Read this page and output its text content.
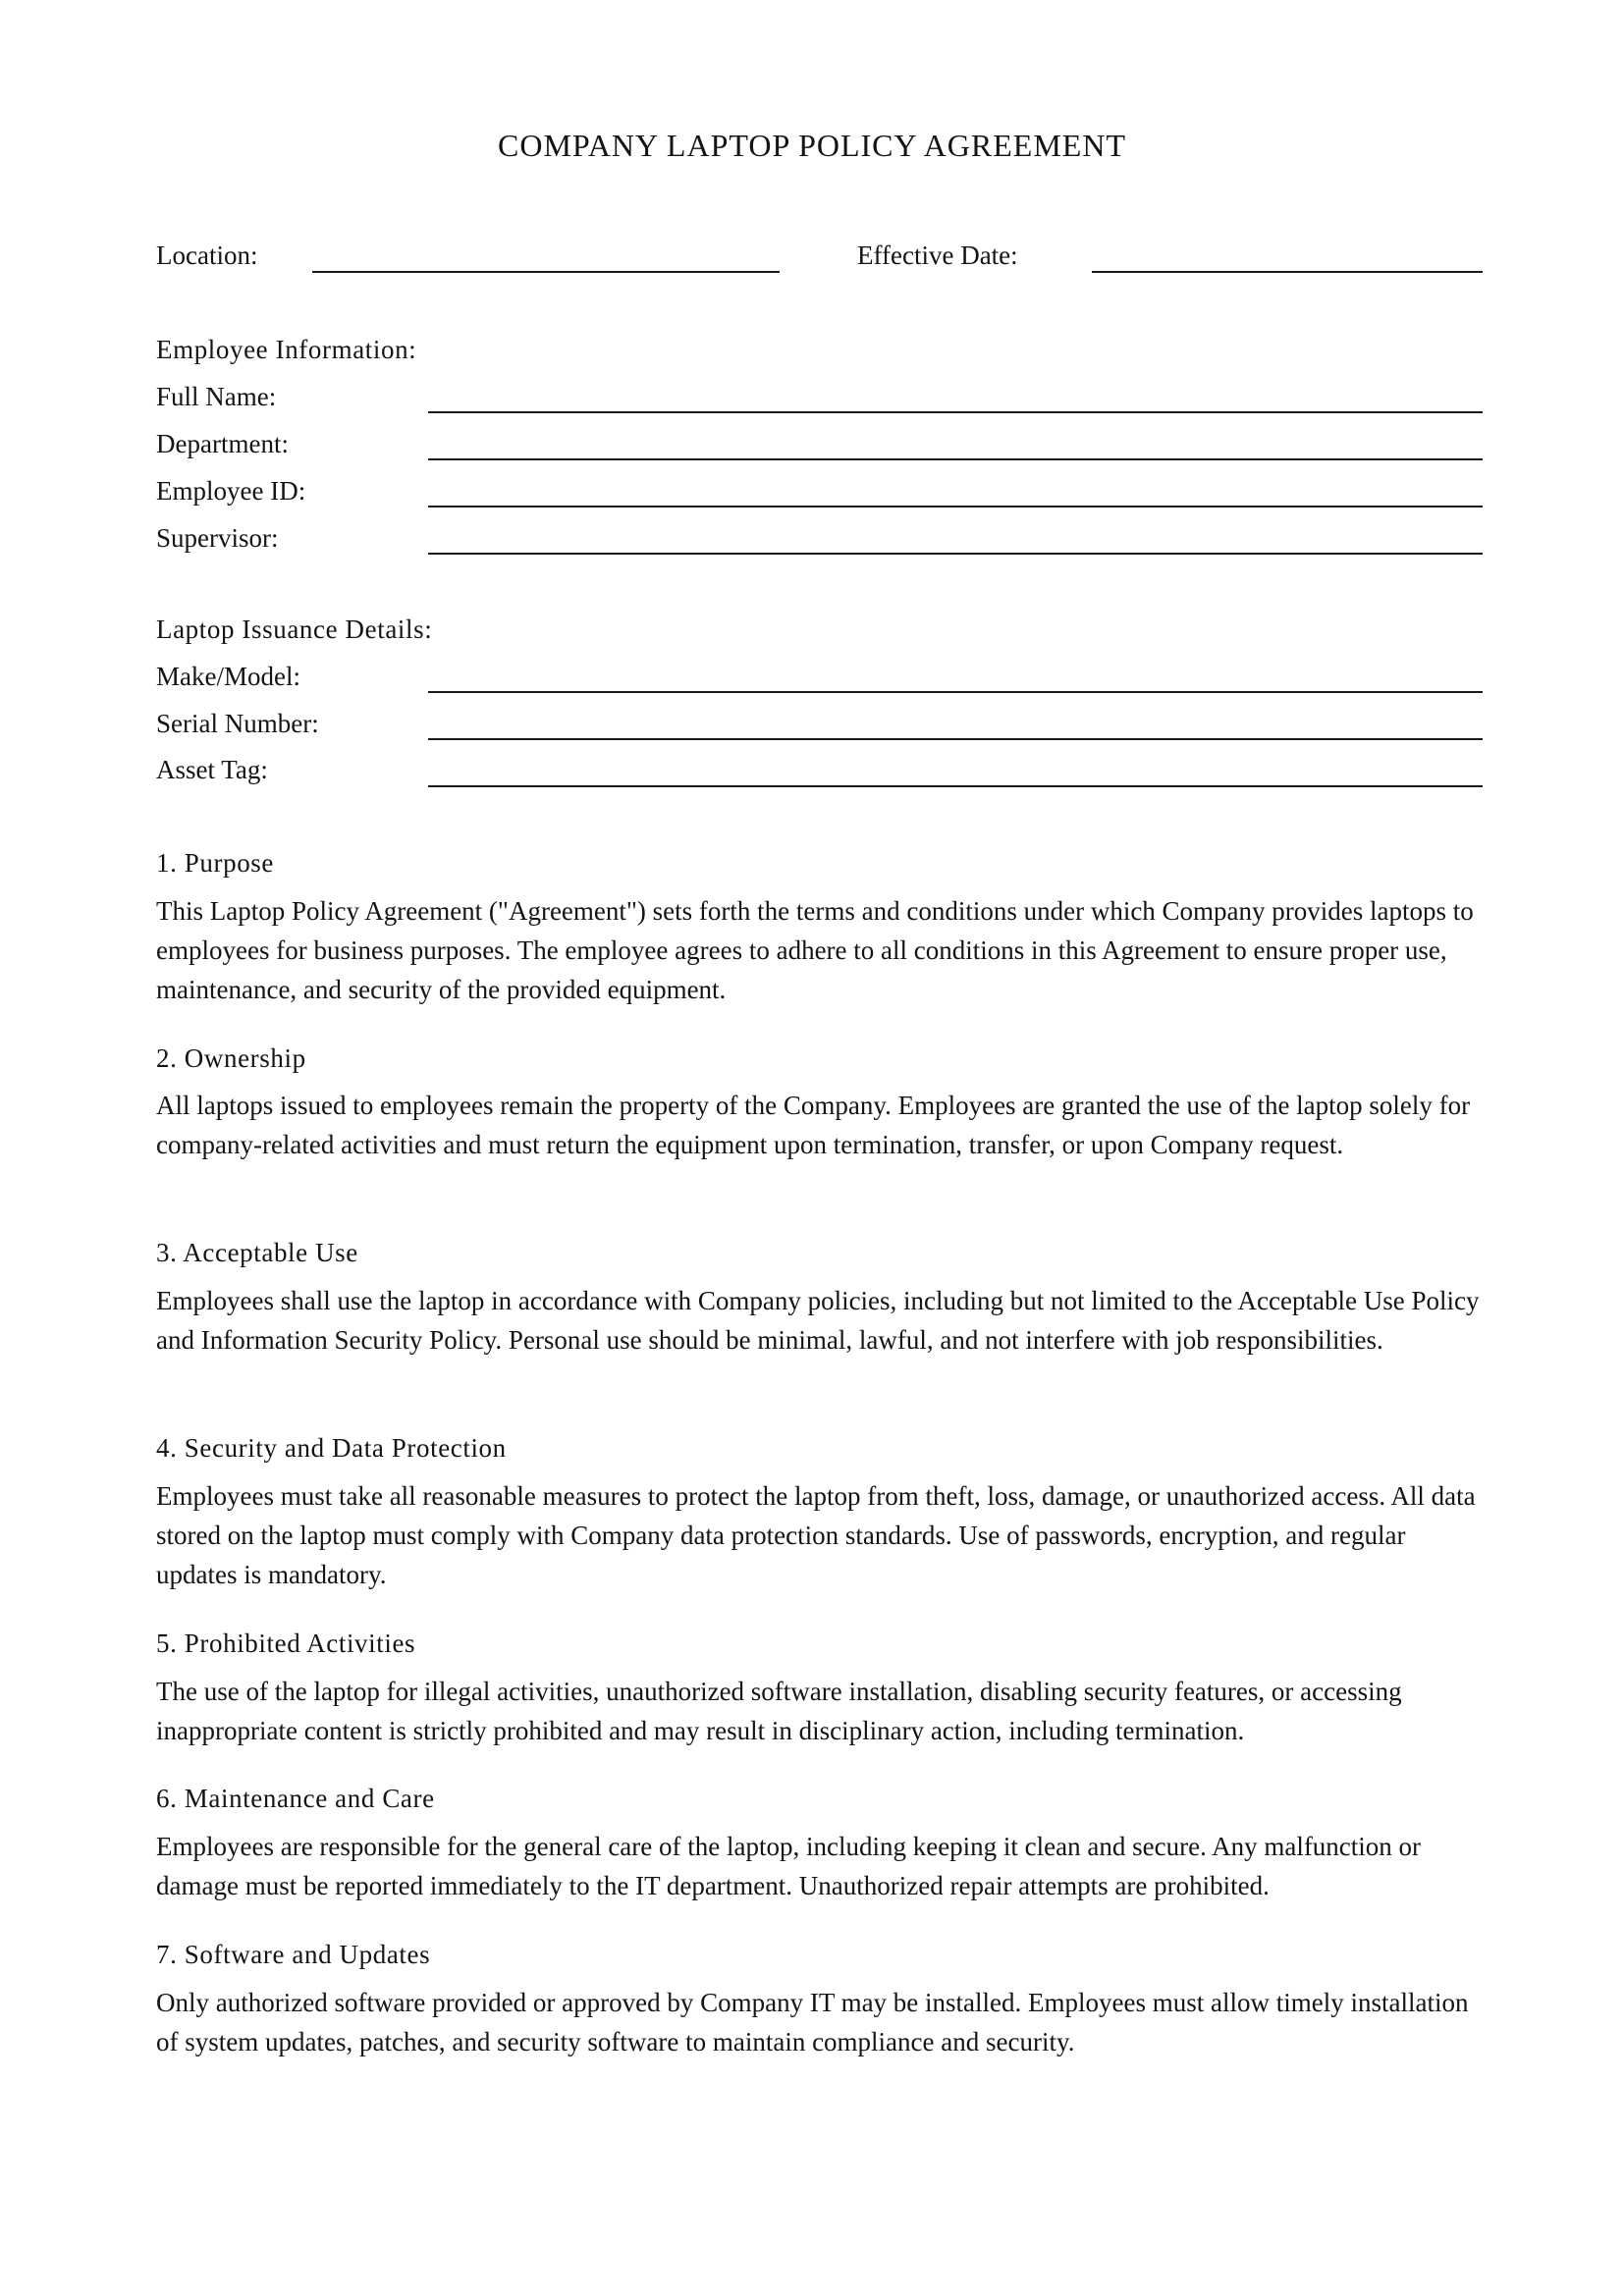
COMPANY LAPTOP POLICY AGREEMENT
Location:	Effective Date:
Employee Information:
Full Name:
Department:
Employee ID:
Supervisor:
Laptop Issuance Details:
Make/Model:
Serial Number:
Asset Tag:
1. Purpose

This Laptop Policy Agreement ("Agreement") sets forth the terms and conditions under which Company provides laptops to employees for business purposes. The employee agrees to adhere to all conditions in this Agreement to ensure proper use, maintenance, and security of the provided equipment.

2. Ownership

All laptops issued to employees remain the property of the Company. Employees are granted the use of the laptop solely for company-related activities and must return the equipment upon termination, transfer, or upon Company request.

3. Acceptable Use

Employees shall use the laptop in accordance with Company policies, including but not limited to the Acceptable Use Policy and Information Security Policy. Personal use should be minimal, lawful, and not interfere with job responsibilities.

4. Security and Data Protection

Employees must take all reasonable measures to protect the laptop from theft, loss, damage, or unauthorized access. All data stored on the laptop must comply with Company data protection standards. Use of passwords, encryption, and regular updates is mandatory.

5. Prohibited Activities

The use of the laptop for illegal activities, unauthorized software installation, disabling security features, or accessing inappropriate content is strictly prohibited and may result in disciplinary action, including termination.

6. Maintenance and Care

Employees are responsible for the general care of the laptop, including keeping it clean and secure. Any malfunction or damage must be reported immediately to the IT department. Unauthorized repair attempts are prohibited.

7. Software and Updates

Only authorized software provided or approved by Company IT may be installed. Employees must allow timely installation of system updates, patches, and security software to maintain compliance and security.
